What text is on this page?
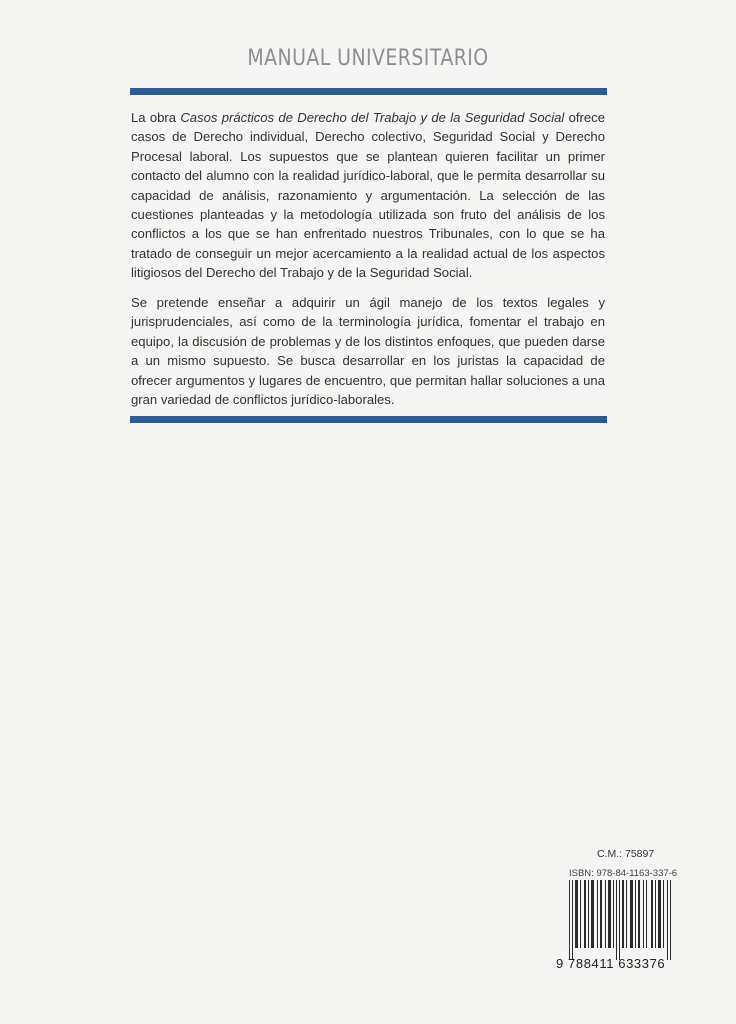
MANUAL UNIVERSITARIO
La obra Casos prácticos de Derecho del Trabajo y de la Seguridad Social ofrece casos de Derecho individual, Derecho colectivo, Seguridad Social y Derecho Procesal laboral. Los supuestos que se plantean quieren facilitar un primer contacto del alumno con la realidad jurídico-laboral, que le permita desarrollar su capacidad de análisis, razonamiento y argumentación. La selección de las cuestiones planteadas y la metodología utilizada son fruto del análisis de los conflictos a los que se han enfrentado nuestros Tribunales, con lo que se ha tratado de conseguir un mejor acercamiento a la realidad actual de los aspectos litigiosos del Derecho del Trabajo y de la Seguridad Social.
Se pretende enseñar a adquirir un ágil manejo de los textos legales y jurisprudenciales, así como de la terminología jurídica, fomentar el trabajo en equipo, la discusión de problemas y de los distintos enfoques, que pueden darse a un mismo supuesto. Se busca desarrollar en los juristas la capacidad de ofrecer argumentos y lugares de encuentro, que permitan hallar soluciones a una gran variedad de conflictos jurídico-laborales.
C.M.: 75897
ISBN: 978-84-1163-337-6
9 788411 633376
